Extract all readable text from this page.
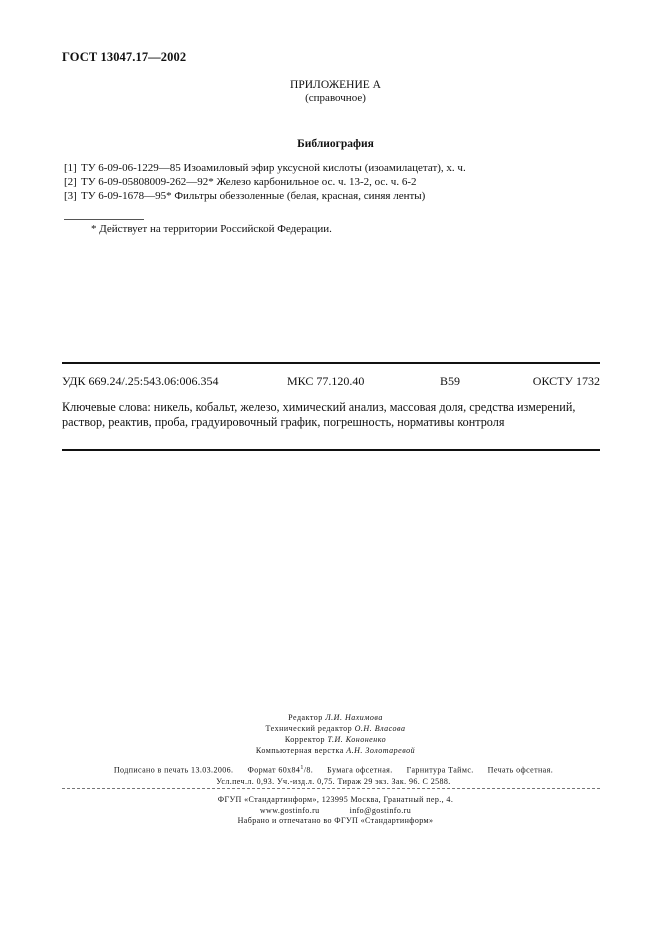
ГОСТ 13047.17—2002
ПРИЛОЖЕНИЕ А
(справочное)
Библиография
[1] ТУ 6-09-06-1229—85 Изоамиловый эфир уксусной кислоты (изоамилацетат), х. ч.
[2] ТУ 6-09-05808009-262—92* Железо карбонильное ос. ч. 13-2, ос. ч. 6-2
[3] ТУ 6-09-1678—95* Фильтры обеззоленные (белая, красная, синяя ленты)
* Действует на территории Российской Федерации.
УДК 669.24/.25:543.06:006.354	МКС 77.120.40	B59	ОКСТУ 1732
Ключевые слова: никель, кобальт, железо, химический анализ, массовая доля, средства измерений, раствор, реактив, проба, градуировочный график, погрешность, нормативы контроля
Редактор Л.И. Нахимова
Технический редактор О.Н. Власова
Корректор Т.И. Кононенко
Компьютерная верстка А.Н. Золотаревой
Подписано в печать 13.03.2006. Формат $60х84^1/8$. Бумага офсетная. Гарнитура Таймс. Печать офсетная.
Усл.печ.л. 0,93. Уч.-изд.л. 0,75. Тираж 29 экз. Зак. 96. С 2588.
ФГУП «Стандартинформ», 123995 Москва, Гранатный пер., 4.
www.gostinfo.ru	info@gostinfo.ru
Набрано и отпечатано во ФГУП «Стандартинформ»
